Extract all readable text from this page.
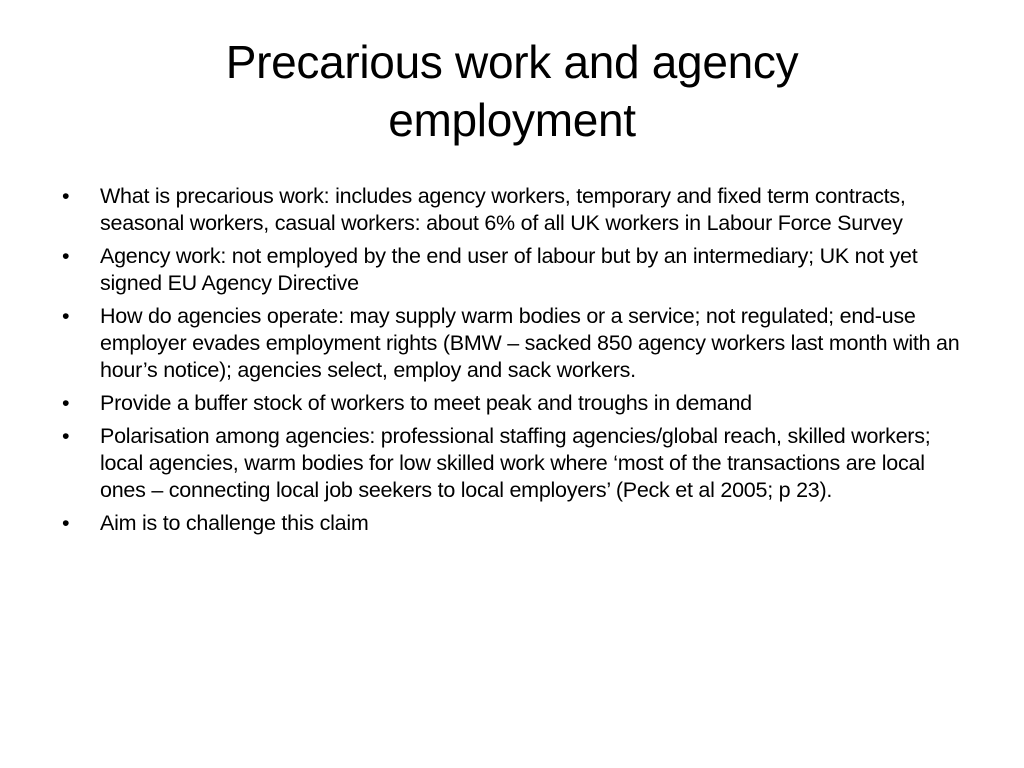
Precarious work and agency employment
•	What is precarious work: includes agency workers, temporary and fixed term contracts, seasonal workers, casual workers: about 6% of all UK workers in Labour Force Survey
•	Agency work: not employed by the end user of labour but by an intermediary; UK not yet signed EU Agency Directive
•	How do agencies operate: may supply warm bodies or a service; not regulated; end-use employer evades employment rights (BMW – sacked 850 agency workers last month with an hour’s notice); agencies select, employ and sack workers.
•	Provide a buffer stock of workers to meet peak and troughs in demand
•	Polarisation among agencies: professional staffing agencies/global reach, skilled workers; local agencies, warm bodies for low skilled work where ‘most of the transactions are local ones – connecting local job seekers to local employers’ (Peck et al 2005; p 23).
•	Aim is to challenge this claim
